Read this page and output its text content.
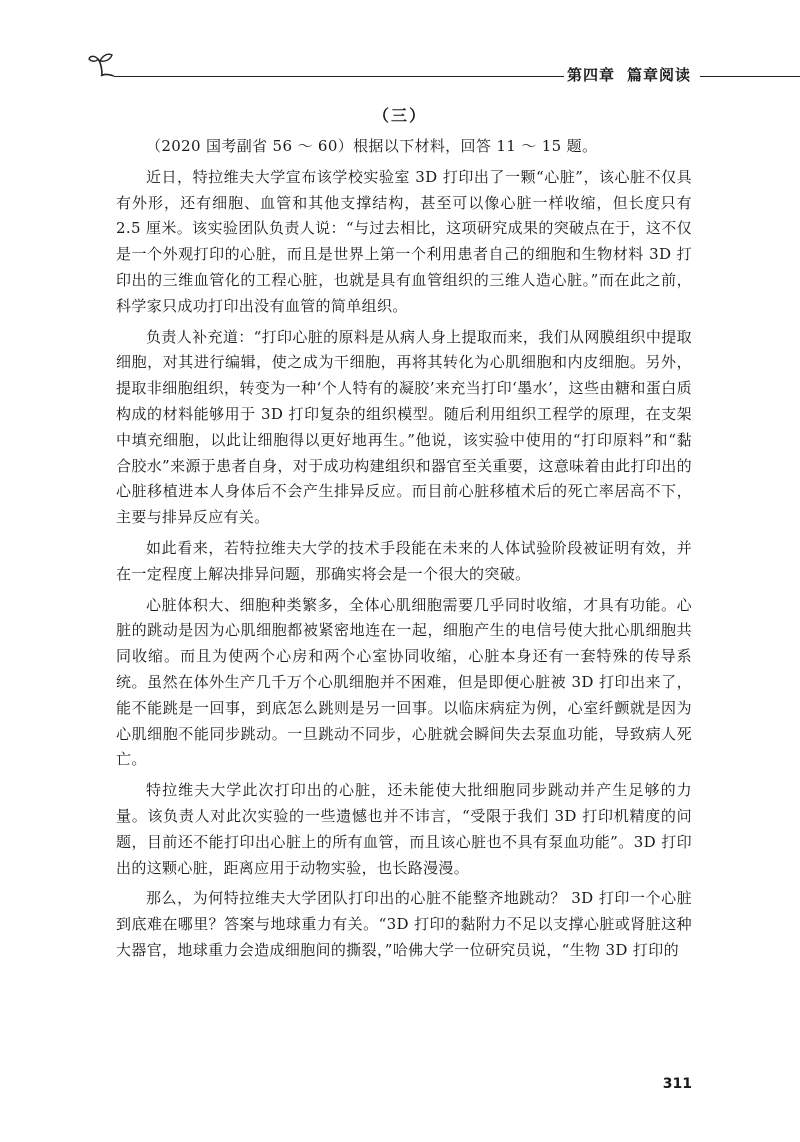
第四章 篇章阅读
（三）

（2020 国考副省 56 ～ 60）根据以下材料，回答 11 ～ 15 题。

近日，特拉维夫大学宣布该学校实验室 3D 打印出了一颗“心脏”，该心脏不仅具有外形，还有细胞、血管和其他支撑结构，甚至可以像心脏一样收缩，但长度只有 2.5 厘米。该实验团队负责人说：“与过去相比，这项研究成果的突破点在于，这不仅是一个外观打印的心脏，而且是世界上第一个利用患者自己的细胞和生物材料 3D 打印出的三维血管化的工程心脏，也就是具有血管组织的三维人造心脏。”而在此之前，科学家只成功打印出没有血管的简单组织。

负责人补充道：“打印心脏的原料是从病人身上提取而来，我们从网膜组织中提取细胞，对其进行编辑，使之成为干细胞，再将其转化为心肌细胞和内皮细胞。另外，提取非细胞组织，转变为一种‘个人特有的凝胶’来充当打印‘墨水’，这些由糖和蛋白质构成的材料能够用于 3D 打印复杂的组织模型。随后利用组织工程学的原理，在支架中填充细胞，以此让细胞得以更好地再生。”他说，该实验中使用的“打印原料”和“黏合胶水”来源于患者自身，对于成功构建组织和器官至关重要，这意味着由此打印出的心脏移植进本人身体后不会产生排异反应。而目前心脏移植术后的死亡率居高不下，主要与排异反应有关。

如此看来，若特拉维夫大学的技术手段能在未来的人体试验阶段被证明有效，并在一定程度上解决排异问题，那确实将会是一个很大的突破。

心脏体积大、细胞种类繁多，全体心肌细胞需要几乎同时收缩，才具有功能。心脏的跳动是因为心肌细胞都被紧密地连在一起，细胞产生的电信号使大批心肌细胞共同收缩。而且为使两个心房和两个心室协同收缩，心脏本身还有一套特殊的传导系统。虽然在体外生产几千万个心肌细胞并不困难，但是即便心脏被 3D 打印出来了，能不能跳是一回事，到底怎么跳则是另一回事。以临床病症为例，心室纤颤就是因为心肌细胞不能同步跳动。一旦跳动不同步，心脏就会瞬间失去泵血功能，导致病人死亡。

特拉维夫大学此次打印出的心脏，还未能使大批细胞同步跳动并产生足够的力量。该负责人对此次实验的一些遗憾也并不讳言，“受限于我们 3D 打印机精度的问题，目前还不能打印出心脏上的所有血管，而且该心脏也不具有泵血功能”。3D 打印出的这颗心脏，距离应用于动物实验，也长路漫漫。

那么，为何特拉维夫大学团队打印出的心脏不能整齐地跳动？ 3D 打印一个心脏到底难在哪里？答案与地球重力有关。“3D 打印的黏附力不足以支撑心脏或肾脏这种大器官，地球重力会造成细胞间的撕裂，”哈佛大学一位研究员说，“生物 3D 打印的

311
